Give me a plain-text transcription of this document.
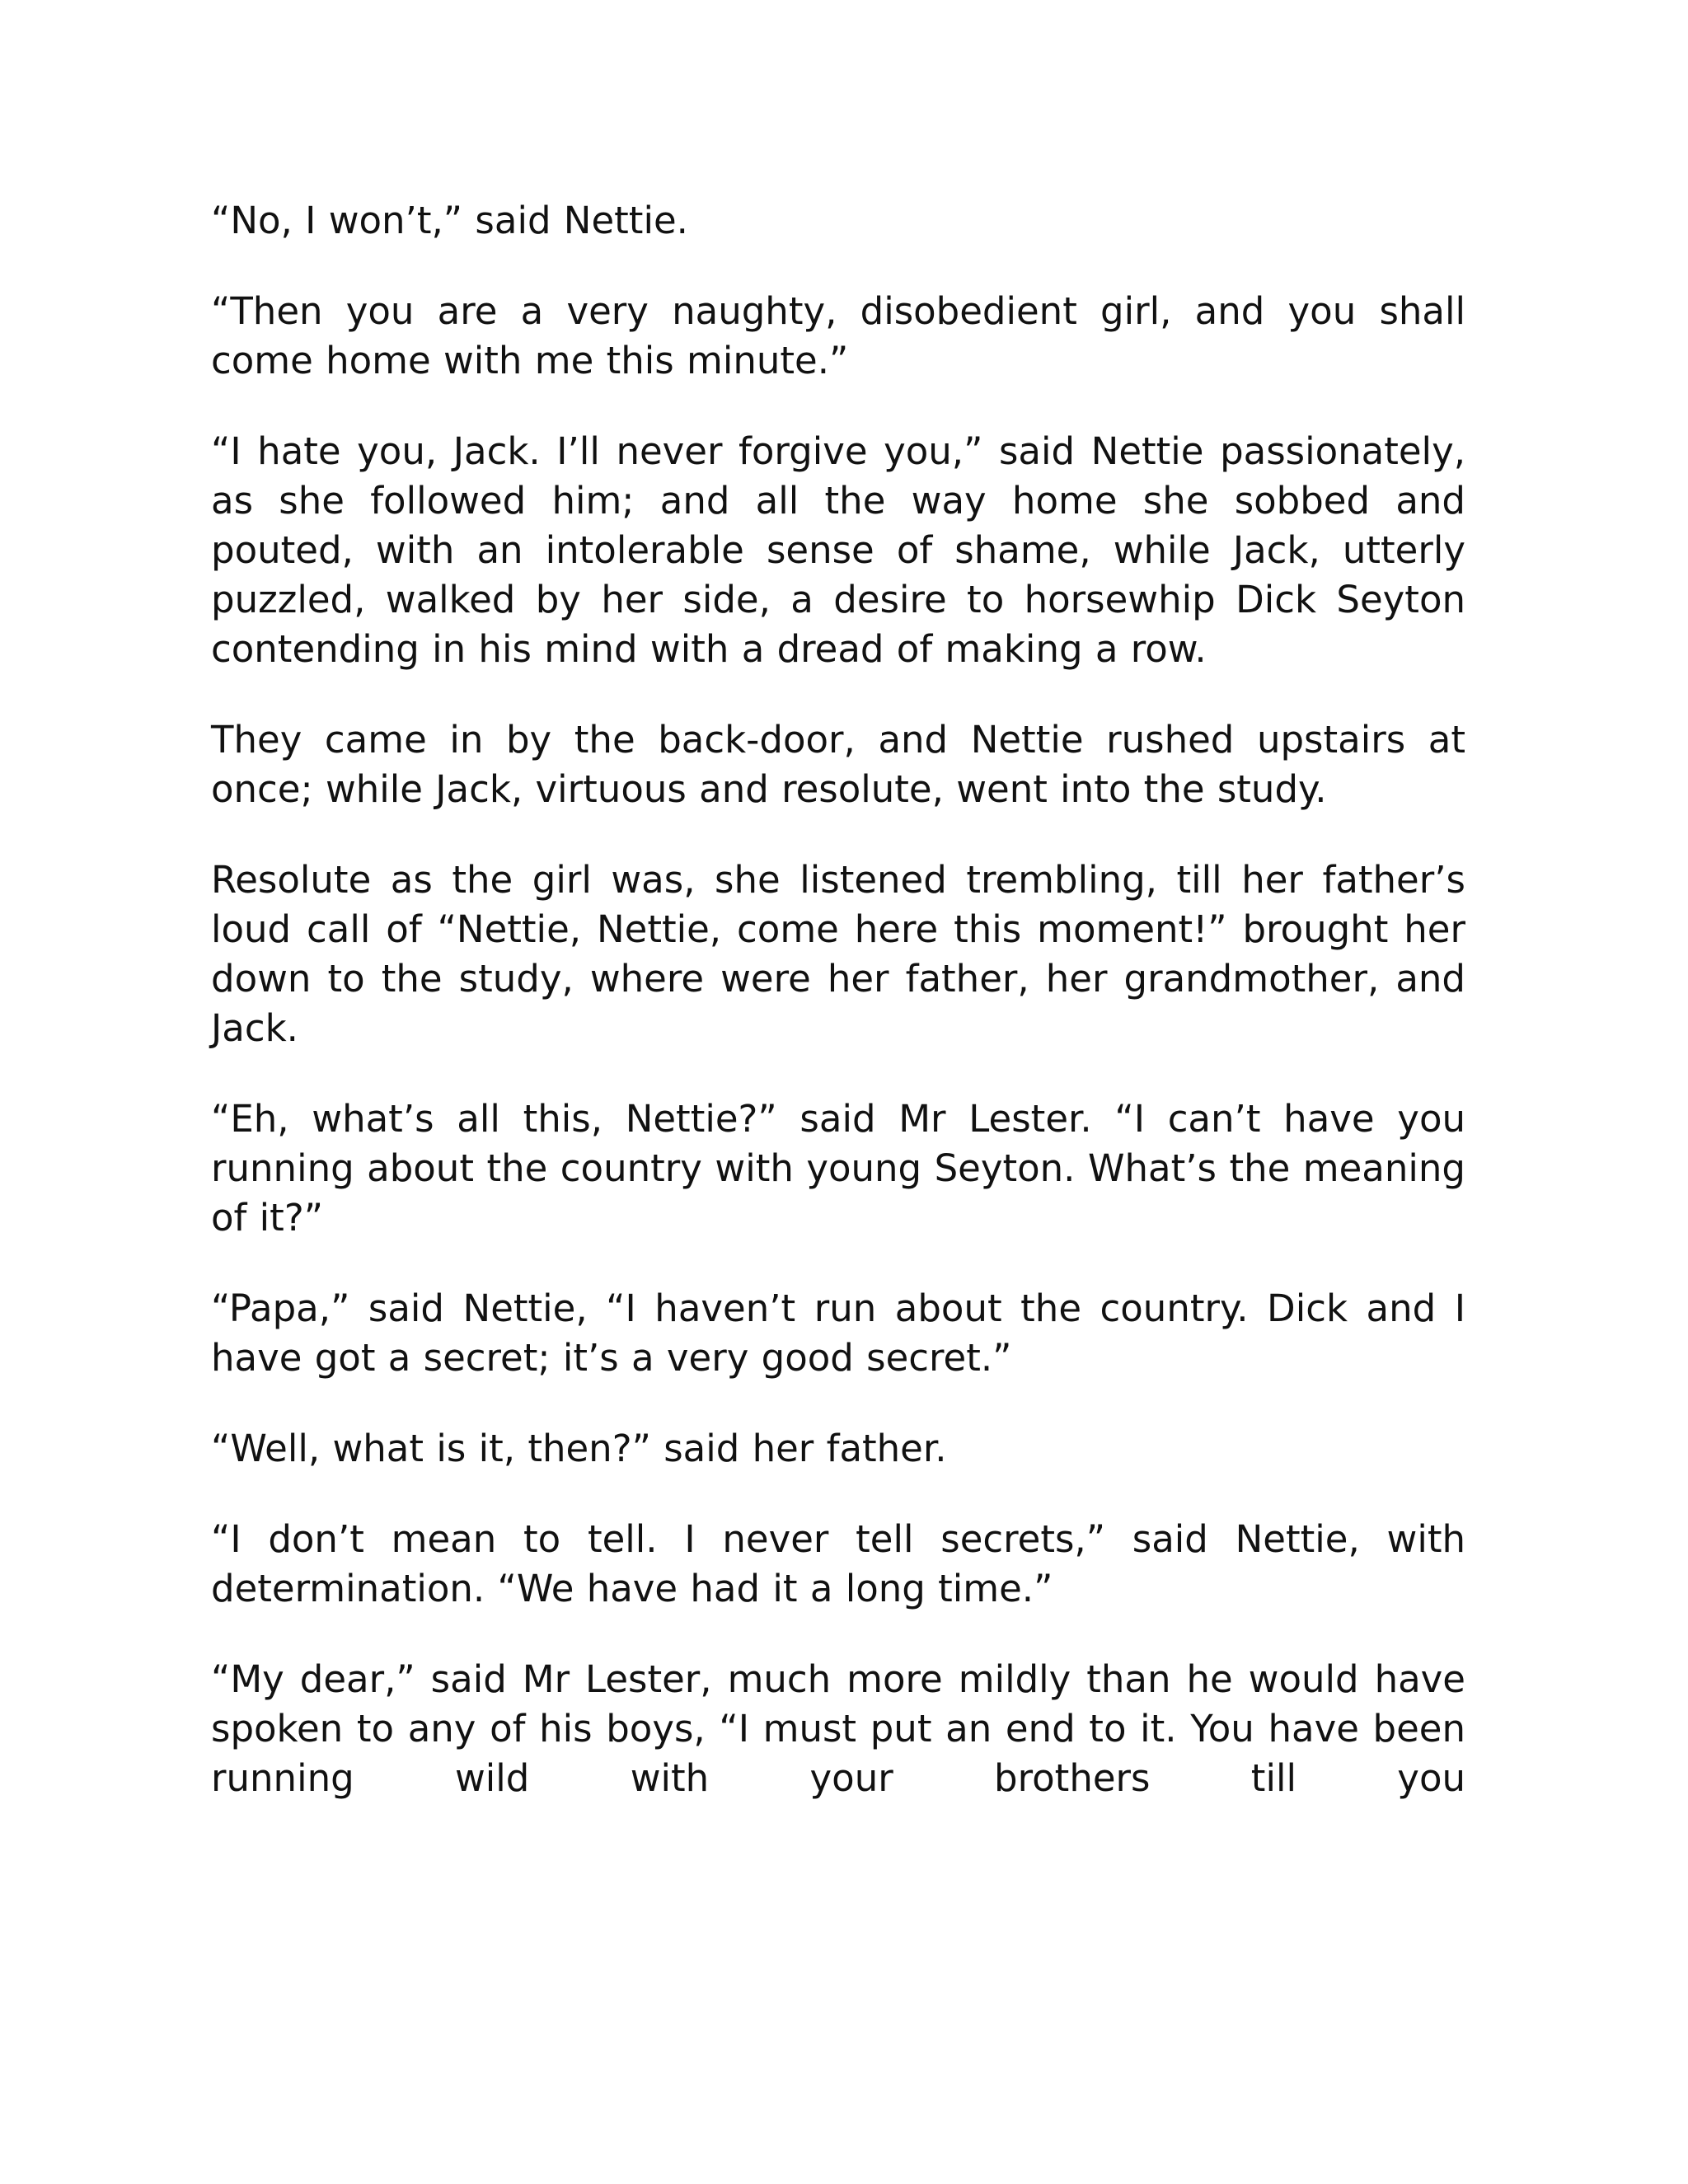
“No, I won’t,” said Nettie.

“Then you are a very naughty, disobedient girl, and you shall come home with me this minute.”

“I hate you, Jack. I’ll never forgive you,” said Nettie passionately, as she followed him; and all the way home she sobbed and pouted, with an intolerable sense of shame, while Jack, utterly puzzled, walked by her side, a desire to horsewhip Dick Seyton contending in his mind with a dread of making a row.

They came in by the back-door, and Nettie rushed upstairs at once; while Jack, virtuous and resolute, went into the study.

Resolute as the girl was, she listened trembling, till her father’s loud call of “Nettie, Nettie, come here this moment!” brought her down to the study, where were her father, her grandmother, and Jack.

“Eh, what’s all this, Nettie?” said Mr Lester. “I can’t have you running about the country with young Seyton. What’s the meaning of it?”

“Papa,” said Nettie, “I haven’t run about the country. Dick and I have got a secret; it’s a very good secret.”

“Well, what is it, then?” said her father.

“I don’t mean to tell. I never tell secrets,” said Nettie, with determination. “We have had it a long time.”

“My dear,” said Mr Lester, much more mildly than he would have spoken to any of his boys, “I must put an end to it. You have been running wild with your brothers till you
